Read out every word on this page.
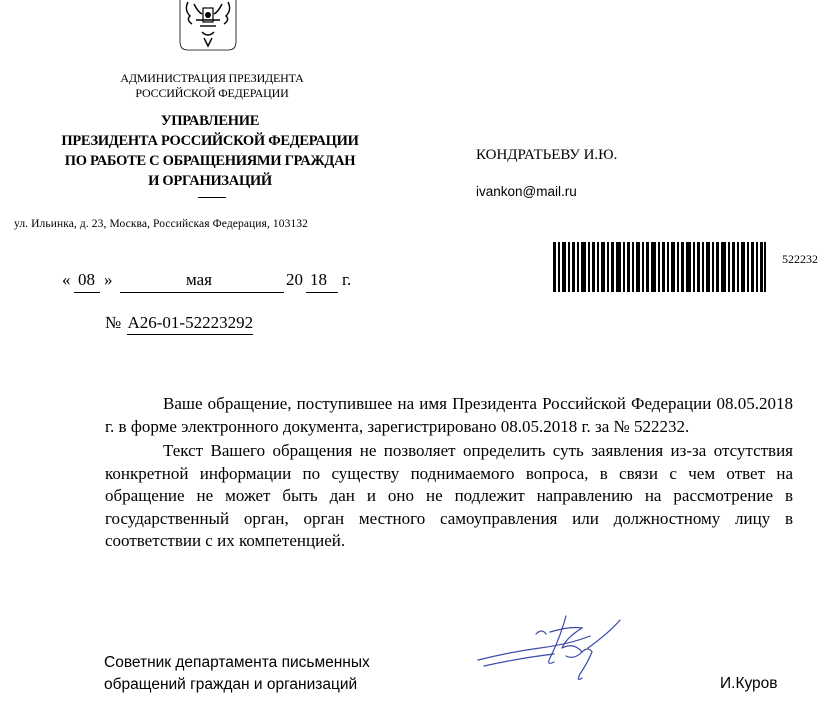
АДМИНИСТРАЦИЯ ПРЕЗИДЕНТА
РОССИЙСКОЙ ФЕДЕРАЦИИ
УПРАВЛЕНИЕ
ПРЕЗИДЕНТА РОССИЙСКОЙ ФЕДЕРАЦИИ
ПО РАБОТЕ С ОБРАЩЕНИЯМИ ГРАЖДАН
И ОРГАНИЗАЦИЙ
ул. Ильинка, д. 23, Москва, Российская Федерация, 103132
КОНДРАТЬЕВУ И.Ю.
ivankon@mail.ru
522232
« 08 »	мая	20 18 г.
№ А26-01-52223292

Ваше обращение, поступившее на имя Президента Российской Федерации 08.05.2018 г. в форме электронного документа, зарегистрировано 08.05.2018 г. за № 522232.

Текст Вашего обращения не позволяет определить суть заявления из-за отсутствия конкретной информации по существу поднимаемого вопроса, в связи с чем ответ на обращение не может быть дан и оно не подлежит направлению на рассмотрение в государственный орган, орган местного самоуправления или должностному лицу в соответствии с их компетенцией.

Советник департамента письменных
обращений граждан и организаций	И.Куров
